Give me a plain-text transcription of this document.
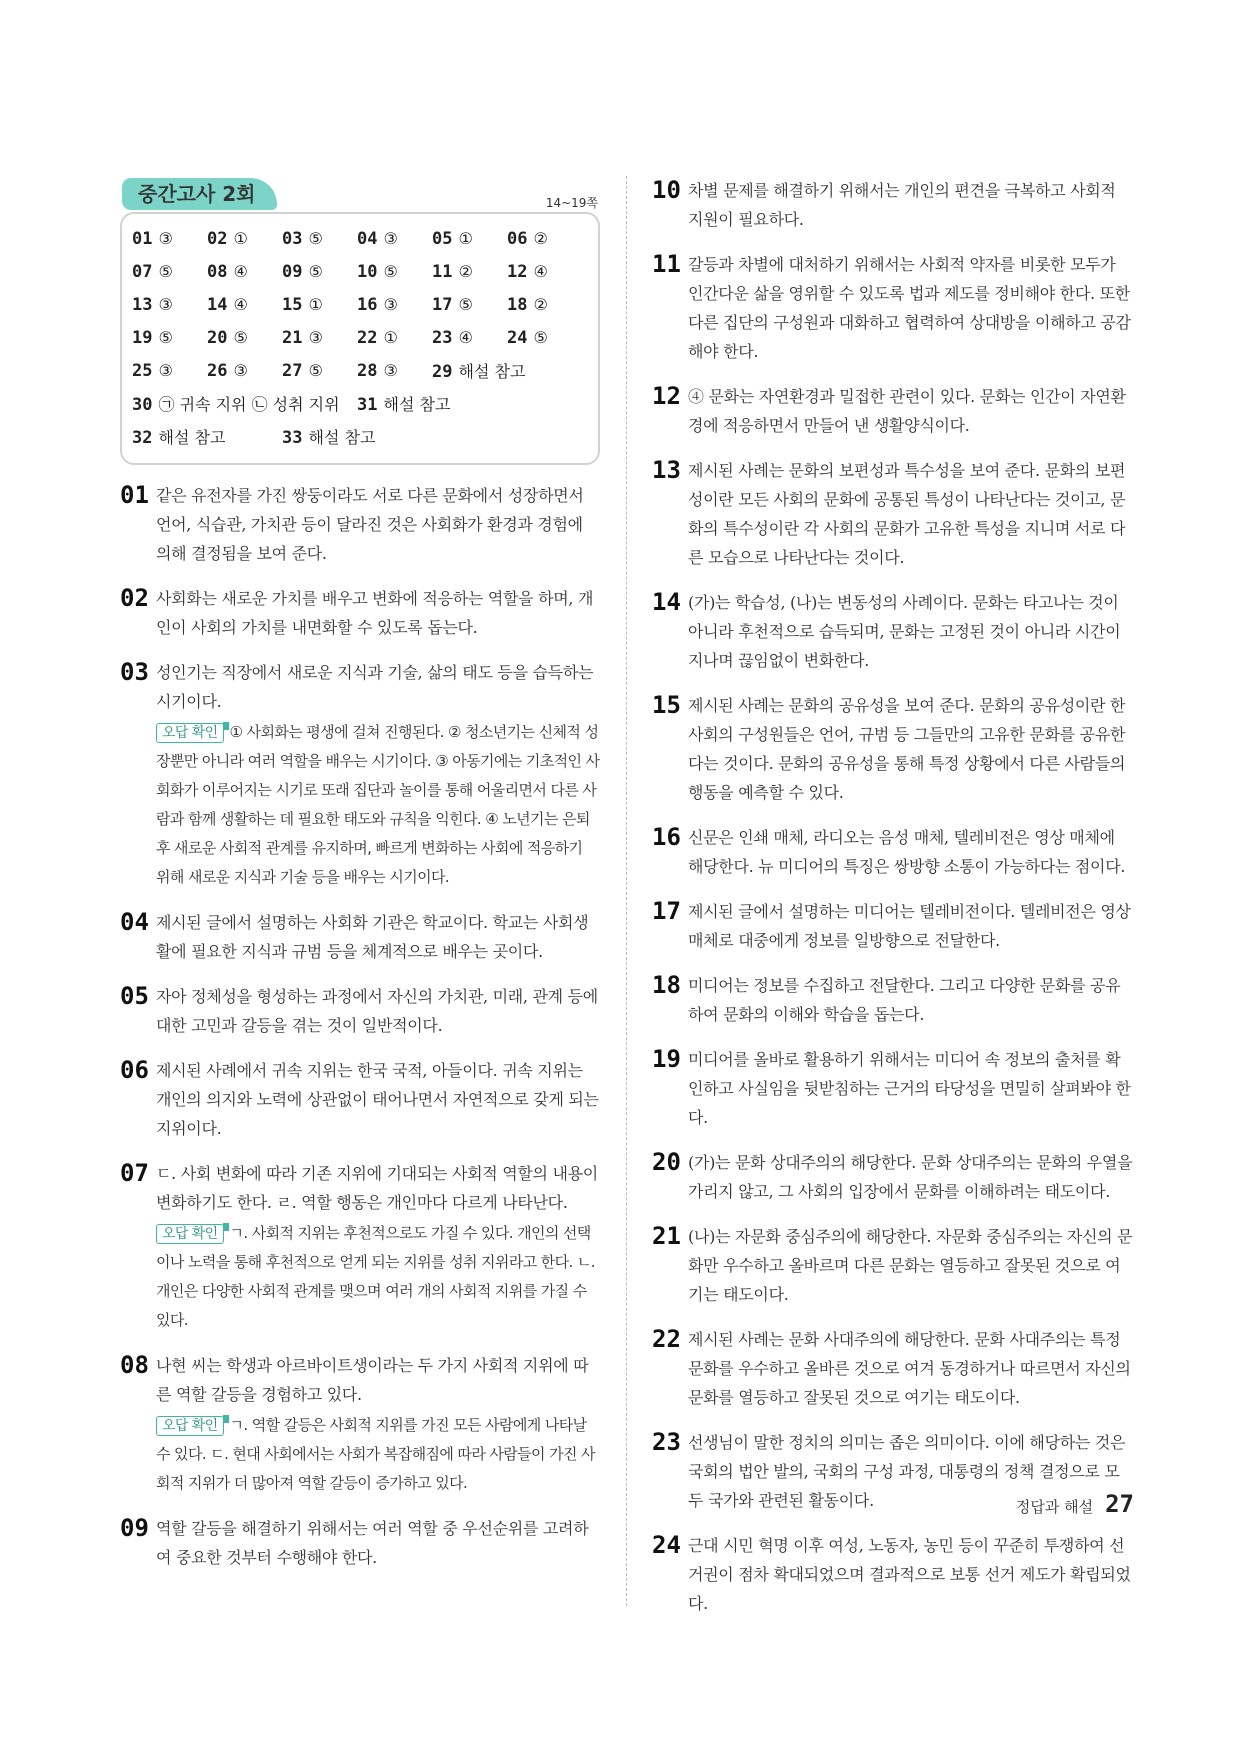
중간고사 2회	14~19쪽
01 ③	02 ①	03 ⑤	04 ③	05 ①	06 ②
07 ⑤	08 ④	09 ⑤	10 ⑤	11 ②	12 ④
13 ③	14 ④	15 ①	16 ③	17 ⑤	18 ②
19 ⑤	20 ⑤	21 ③	22 ①	23 ④	24 ⑤
25 ③	26 ③	27 ⑤	28 ③	29 해설 참고
30 ㉠ 귀속 지위 ㉡ 성취 지위	31 해설 참고
32 해설 참고	33 해설 참고
01 같은 유전자를 가진 쌍둥이라도 서로 다른 문화에서 성장하면서 언어, 식습관, 가치관 등이 달라진 것은 사회화가 환경과 경험에 의해 결정됨을 보여 준다.
02 사회화는 새로운 가치를 배우고 변화에 적응하는 역할을 하며, 개인이 사회의 가치를 내면화할 수 있도록 돕는다.
03 성인기는 직장에서 새로운 지식과 기술, 삶의 태도 등을 습득하는 시기이다.
오답 확인 ① 사회화는 평생에 걸쳐 진행된다. ② 청소년기는 신체적 성장뿐만 아니라 여러 역할을 배우는 시기이다. ③ 아동기에는 기초적인 사회화가 이루어지는 시기로 또래 집단과 놀이를 통해 어울리면서 다른 사람과 함께 생활하는 데 필요한 태도와 규칙을 익힌다. ④ 노년기는 은퇴 후 새로운 사회적 관계를 유지하며, 빠르게 변화하는 사회에 적응하기 위해 새로운 지식과 기술 등을 배우는 시기이다.
04 제시된 글에서 설명하는 사회화 기관은 학교이다. 학교는 사회생활에 필요한 지식과 규범 등을 체계적으로 배우는 곳이다.
05 자아 정체성을 형성하는 과정에서 자신의 가치관, 미래, 관계 등에 대한 고민과 갈등을 겪는 것이 일반적이다.
06 제시된 사례에서 귀속 지위는 한국 국적, 아들이다. 귀속 지위는 개인의 의지와 노력에 상관없이 태어나면서 자연적으로 갖게 되는 지위이다.
07 ㄷ. 사회 변화에 따라 기존 지위에 기대되는 사회적 역할의 내용이 변화하기도 한다. ㄹ. 역할 행동은 개인마다 다르게 나타난다.
오답 확인 ㄱ. 사회적 지위는 후천적으로도 가질 수 있다. 개인의 선택이나 노력을 통해 후천적으로 얻게 되는 지위를 성취 지위라고 한다. ㄴ. 개인은 다양한 사회적 관계를 맺으며 여러 개의 사회적 지위를 가질 수 있다.
08 나현 씨는 학생과 아르바이트생이라는 두 가지 사회적 지위에 따른 역할 갈등을 경험하고 있다.
오답 확인 ㄱ. 역할 갈등은 사회적 지위를 가진 모든 사람에게 나타날 수 있다. ㄷ. 현대 사회에서는 사회가 복잡해짐에 따라 사람들이 가진 사회적 지위가 더 많아져 역할 갈등이 증가하고 있다.
09 역할 갈등을 해결하기 위해서는 여러 역할 중 우선순위를 고려하여 중요한 것부터 수행해야 한다.
10 차별 문제를 해결하기 위해서는 개인의 편견을 극복하고 사회적 지원이 필요하다.
11 갈등과 차별에 대처하기 위해서는 사회적 약자를 비롯한 모두가 인간다운 삶을 영위할 수 있도록 법과 제도를 정비해야 한다. 또한 다른 집단의 구성원과 대화하고 협력하여 상대방을 이해하고 공감해야 한다.
12 ④ 문화는 자연환경과 밀접한 관련이 있다. 문화는 인간이 자연환경에 적응하면서 만들어 낸 생활양식이다.
13 제시된 사례는 문화의 보편성과 특수성을 보여 준다. 문화의 보편성이란 모든 사회의 문화에 공통된 특성이 나타난다는 것이고, 문화의 특수성이란 각 사회의 문화가 고유한 특성을 지니며 서로 다른 모습으로 나타난다는 것이다.
14 (가)는 학습성, (나)는 변동성의 사례이다. 문화는 타고나는 것이 아니라 후천적으로 습득되며, 문화는 고정된 것이 아니라 시간이 지나며 끊임없이 변화한다.
15 제시된 사례는 문화의 공유성을 보여 준다. 문화의 공유성이란 한 사회의 구성원들은 언어, 규범 등 그들만의 고유한 문화를 공유한다는 것이다. 문화의 공유성을 통해 특정 상황에서 다른 사람들의 행동을 예측할 수 있다.
16 신문은 인쇄 매체, 라디오는 음성 매체, 텔레비전은 영상 매체에 해당한다. 뉴 미디어의 특징은 쌍방향 소통이 가능하다는 점이다.
17 제시된 글에서 설명하는 미디어는 텔레비전이다. 텔레비전은 영상 매체로 대중에게 정보를 일방향으로 전달한다.
18 미디어는 정보를 수집하고 전달한다. 그리고 다양한 문화를 공유하여 문화의 이해와 학습을 돕는다.
19 미디어를 올바로 활용하기 위해서는 미디어 속 정보의 출처를 확인하고 사실임을 뒷받침하는 근거의 타당성을 면밀히 살펴봐야 한다.
20 (가)는 문화 상대주의의 해당한다. 문화 상대주의는 문화의 우열을 가리지 않고, 그 사회의 입장에서 문화를 이해하려는 태도이다.
21 (나)는 자문화 중심주의에 해당한다. 자문화 중심주의는 자신의 문화만 우수하고 올바르며 다른 문화는 열등하고 잘못된 것으로 여기는 태도이다.
22 제시된 사례는 문화 사대주의에 해당한다. 문화 사대주의는 특정 문화를 우수하고 올바른 것으로 여겨 동경하거나 따르면서 자신의 문화를 열등하고 잘못된 것으로 여기는 태도이다.
23 선생님이 말한 정치의 의미는 좁은 의미이다. 이에 해당하는 것은 국회의 법안 발의, 국회의 구성 과정, 대통령의 정책 결정으로 모두 국가와 관련된 활동이다.
24 근대 시민 혁명 이후 여성, 노동자, 농민 등이 꾸준히 투쟁하여 선거권이 점차 확대되었으며 결과적으로 보통 선거 제도가 확립되었다.
정답과 해설 27
